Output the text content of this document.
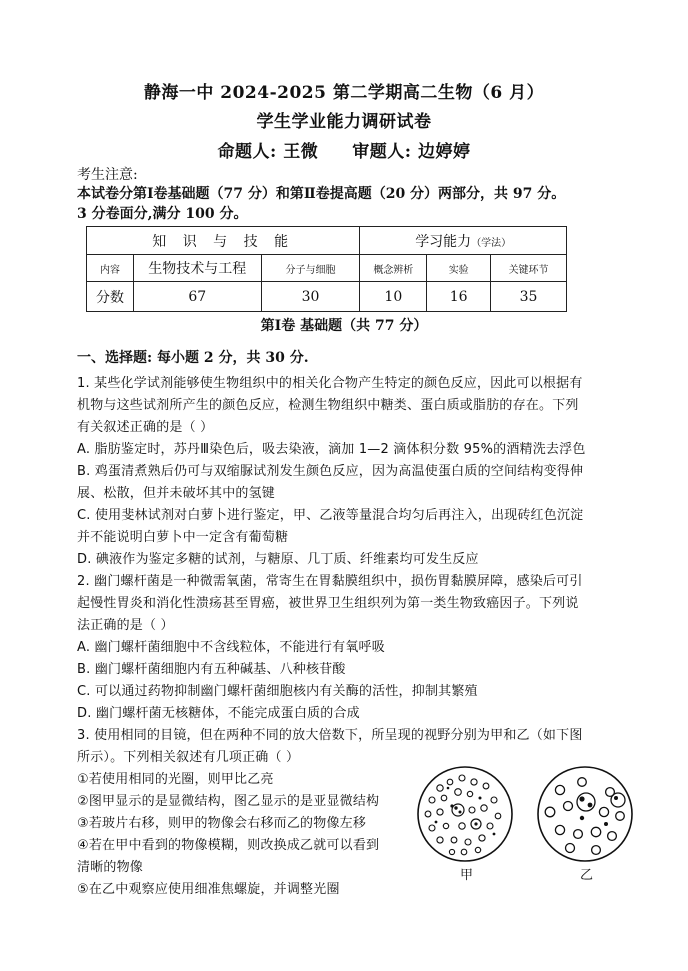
静海一中 2024-2025 第二学期高二生物（6 月）
学生学业能力调研试卷
命题人: 王微 审题人: 边婷婷
考生注意:
本试卷分第Ⅰ卷基础题（77 分）和第Ⅱ卷提高题（20 分）两部分，共 97 分。
3 分卷面分,满分 100 分。
知 识 与 技 能			学习能力（学法）		
内容	生物技术与工程	分子与细胞	概念辨析	实验	关键环节
分数	67	30	10	16	35
第Ⅰ卷 基础题（共 77 分）
一、选择题: 每小题 2 分，共 30 分.
1. 某些化学试剂能够使生物组织中的相关化合物产生特定的颜色反应，因此可以根据有
机物与这些试剂所产生的颜色反应，检测生物组织中糖类、蛋白质或脂肪的存在。下列
有关叙述正确的是（ ）
A. 脂肪鉴定时，苏丹Ⅲ染色后，吸去染液，滴加 1—2 滴体积分数 95%的酒精洗去浮色
B. 鸡蛋清煮熟后仍可与双缩脲试剂发生颜色反应，因为高温使蛋白质的空间结构变得伸
展、松散，但并未破坏其中的氢键
C. 使用斐林试剂对白萝卜进行鉴定，甲、乙液等量混合均匀后再注入，出现砖红色沉淀
并不能说明白萝卜中一定含有葡萄糖
D. 碘液作为鉴定多糖的试剂，与糖原、几丁质、纤维素均可发生反应
2. 幽门螺杆菌是一种微需氧菌，常寄生在胃黏膜组织中，损伤胃黏膜屏障，感染后可引
起慢性胃炎和消化性溃疡甚至胃癌，被世界卫生组织列为第一类生物致癌因子。下列说
法正确的是（ ）
A. 幽门螺杆菌细胞中不含线粒体，不能进行有氧呼吸
B. 幽门螺杆菌细胞内有五种碱基、八种核苷酸
C. 可以通过药物抑制幽门螺杆菌细胞核内有关酶的活性，抑制其繁殖
D. 幽门螺杆菌无核糖体，不能完成蛋白质的合成
3. 使用相同的目镜，但在两种不同的放大倍数下，所呈现的视野分别为甲和乙（如下图
所示）。下列相关叙述有几项正确（ ）
①若使用相同的光圈，则甲比乙亮
②图甲显示的是显微结构，图乙显示的是亚显微结构
③若玻片右移，则甲的物像会右移而乙的物像左移
④若在甲中看到的物像模糊，则改换成乙就可以看到
清晰的物像
⑤在乙中观察应使用细准焦螺旋，并调整光圈
甲	乙
